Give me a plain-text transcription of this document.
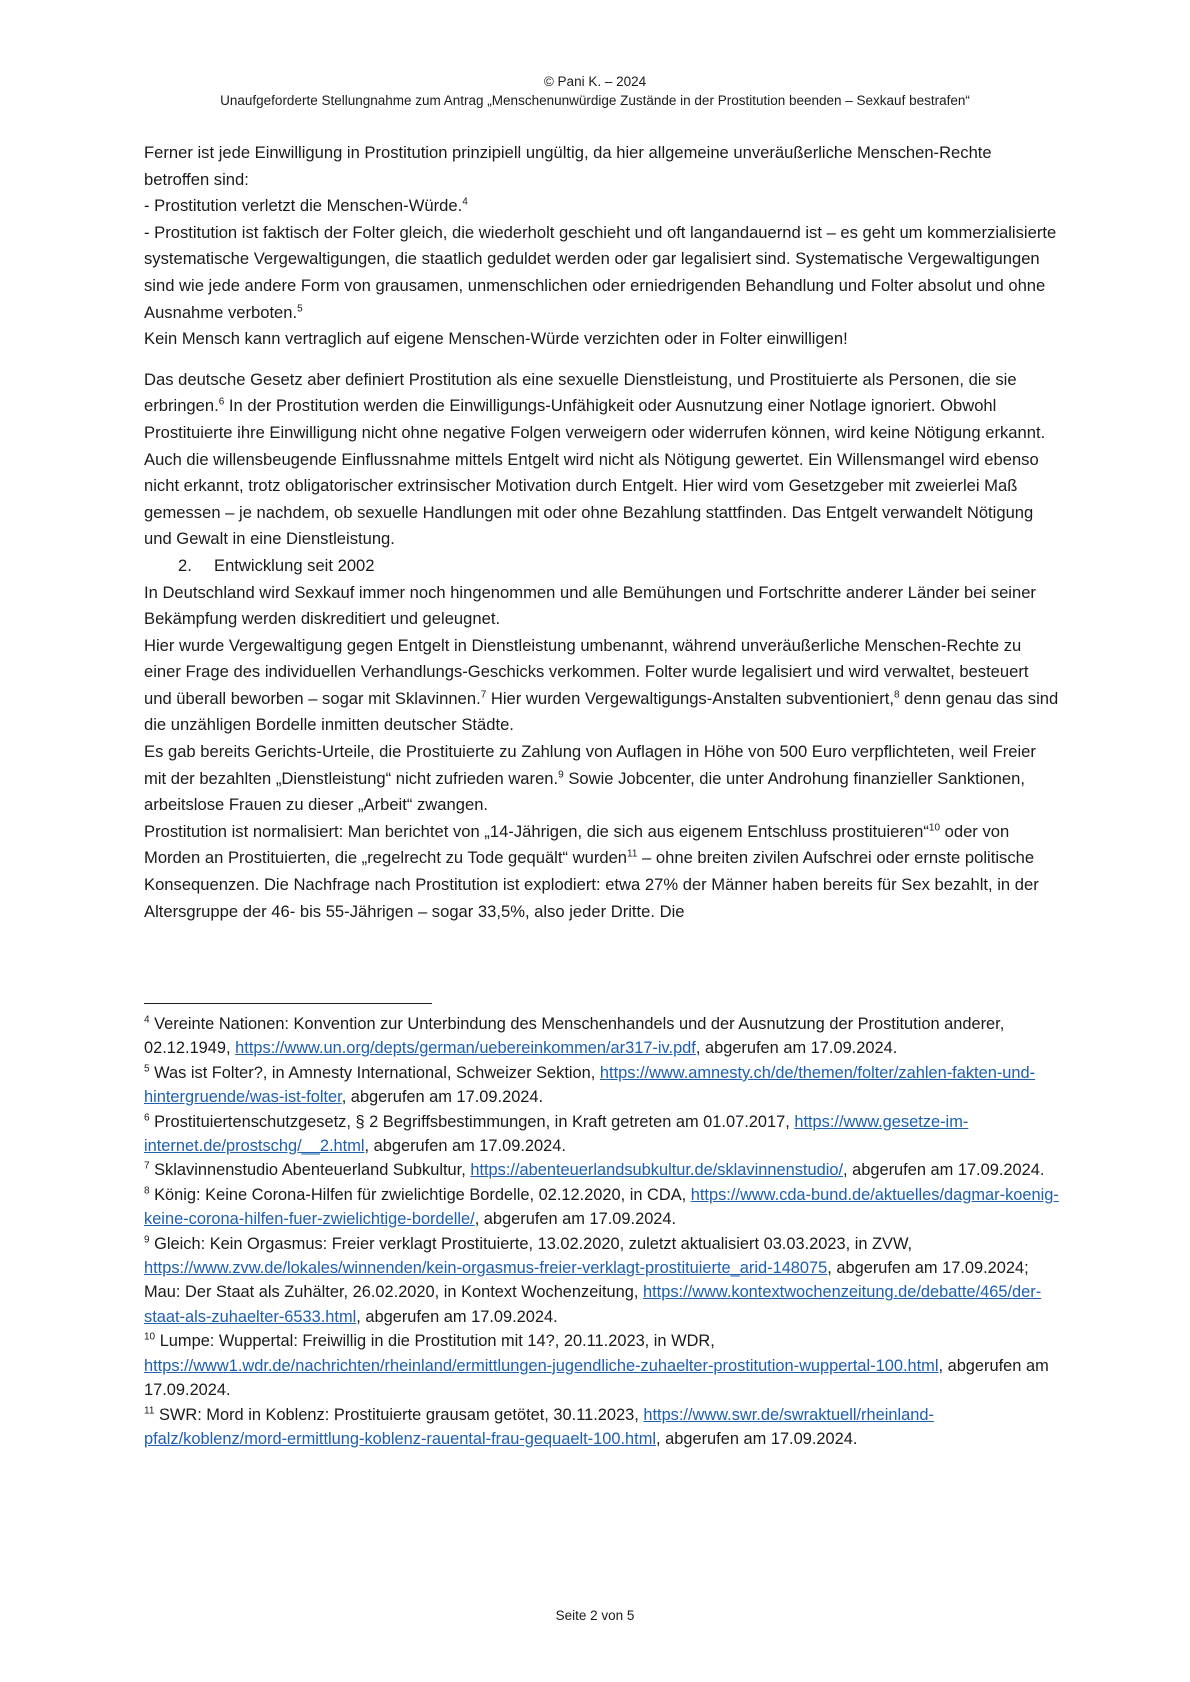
© Pani K. – 2024
Unaufgeforderte Stellungnahme zum Antrag „Menschenunwürdige Zustände in der Prostitution beenden – Sexkauf bestrafen“

Ferner ist jede Einwilligung in Prostitution prinzipiell ungültig, da hier allgemeine unveräußerliche Menschen-Rechte betroffen sind:

- Prostitution verletzt die Menschen-Würde.$^4$

- Prostitution ist faktisch der Folter gleich, die wiederholt geschieht und oft langandauernd ist – es geht um kommerzialisierte systematische Vergewaltigungen, die staatlich geduldet werden oder gar legalisiert sind. Systematische Vergewaltigungen sind wie jede andere Form von grausamen, unmenschlichen oder erniedrigenden Behandlung und Folter absolut und ohne Ausnahme verboten.$^5$

Kein Mensch kann vertraglich auf eigene Menschen-Würde verzichten oder in Folter einwilligen!

Das deutsche Gesetz aber definiert Prostitution als eine sexuelle Dienstleistung, und Prostituierte als Personen, die sie erbringen.$^6$ In der Prostitution werden die Einwilligungs-Unfähigkeit oder Ausnutzung einer Notlage ignoriert. Obwohl Prostituierte ihre Einwilligung nicht ohne negative Folgen verweigern oder widerrufen können, wird keine Nötigung erkannt. Auch die willensbeugende Einflussnahme mittels Entgelt wird nicht als Nötigung gewertet. Ein Willensmangel wird ebenso nicht erkannt, trotz obligatorischer extrinsischer Motivation durch Entgelt. Hier wird vom Gesetzgeber mit zweierlei Maß gemessen – je nachdem, ob sexuelle Handlungen mit oder ohne Bezahlung stattfinden. Das Entgelt verwandelt Nötigung und Gewalt in eine Dienstleistung.

2. Entwicklung seit 2002

In Deutschland wird Sexkauf immer noch hingenommen und alle Bemühungen und Fortschritte anderer Länder bei seiner Bekämpfung werden diskreditiert und geleugnet.

Hier wurde Vergewaltigung gegen Entgelt in Dienstleistung umbenannt, während unveräußerliche Menschen-Rechte zu einer Frage des individuellen Verhandlungs-Geschicks verkommen. Folter wurde legalisiert und wird verwaltet, besteuert und überall beworben – sogar mit Sklavinnen.$^7$ Hier wurden Vergewaltigungs-Anstalten subventioniert,$^8$ denn genau das sind die unzähligen Bordelle inmitten deutscher Städte.

Es gab bereits Gerichts-Urteile, die Prostituierte zu Zahlung von Auflagen in Höhe von 500 Euro verpflichteten, weil Freier mit der bezahlten „Dienstleistung“ nicht zufrieden waren.$^9$ Sowie Jobcenter, die unter Androhung finanzieller Sanktionen, arbeitslose Frauen zu dieser „Arbeit“ zwangen.

Prostitution ist normalisiert: Man berichtet von „14-Jährigen, die sich aus eigenem Entschluss prostituieren“$^{10}$ oder von Morden an Prostituierten, die „regelrecht zu Tode gequält“ wurden$^{11}$ – ohne breiten zivilen Aufschrei oder ernste politische Konsequenzen. Die Nachfrage nach Prostitution ist explodiert: etwa 27% der Männer haben bereits für Sex bezahlt, in der Altersgruppe der 46- bis 55-Jährigen – sogar 33,5%, also jeder Dritte. Die

$^4$ Vereinte Nationen: Konvention zur Unterbindung des Menschenhandels und der Ausnutzung der Prostitution anderer, 02.12.1949, https://www.un.org/depts/german/uebereinkommen/ar317-iv.pdf, abgerufen am 17.09.2024.

$^5$ Was ist Folter?, in Amnesty International, Schweizer Sektion, https://www.amnesty.ch/de/themen/folter/zahlen-fakten-und-hintergruende/was-ist-folter, abgerufen am 17.09.2024.

$^6$ Prostituiertenschutzgesetz, § 2 Begriffsbestimmungen, in Kraft getreten am 01.07.2017, https://www.gesetze-im-internet.de/prostschg/__2.html, abgerufen am 17.09.2024.

$^7$ Sklavinnenstudio Abenteuerland Subkultur, https://abenteuerlandsubkultur.de/sklavinnenstudio/, abgerufen am 17.09.2024.

$^8$ König: Keine Corona-Hilfen für zwielichtige Bordelle, 02.12.2020, in CDA, https://www.cda-bund.de/aktuelles/dagmar-koenig-keine-corona-hilfen-fuer-zwielichtige-bordelle/, abgerufen am 17.09.2024.

$^9$ Gleich: Kein Orgasmus: Freier verklagt Prostituierte, 13.02.2020, zuletzt aktualisiert 03.03.2023, in ZVW, https://www.zvw.de/lokales/winnenden/kein-orgasmus-freier-verklagt-prostituierte_arid-148075, abgerufen am 17.09.2024; Mau: Der Staat als Zuhälter, 26.02.2020, in Kontext Wochenzeitung, https://www.kontextwochenzeitung.de/debatte/465/der-staat-als-zuhaelter-6533.html, abgerufen am 17.09.2024.

$^{10}$ Lumpe: Wuppertal: Freiwillig in die Prostitution mit 14?, 20.11.2023, in WDR, https://www1.wdr.de/nachrichten/rheinland/ermittlungen-jugendliche-zuhaelter-prostitution-wuppertal-100.html, abgerufen am 17.09.2024.

$^{11}$ SWR: Mord in Koblenz: Prostituierte grausam getötet, 30.11.2023, https://www.swr.de/swraktuell/rheinland-pfalz/koblenz/mord-ermittlung-koblenz-rauental-frau-gequaelt-100.html, abgerufen am 17.09.2024.

Seite 2 von 5
